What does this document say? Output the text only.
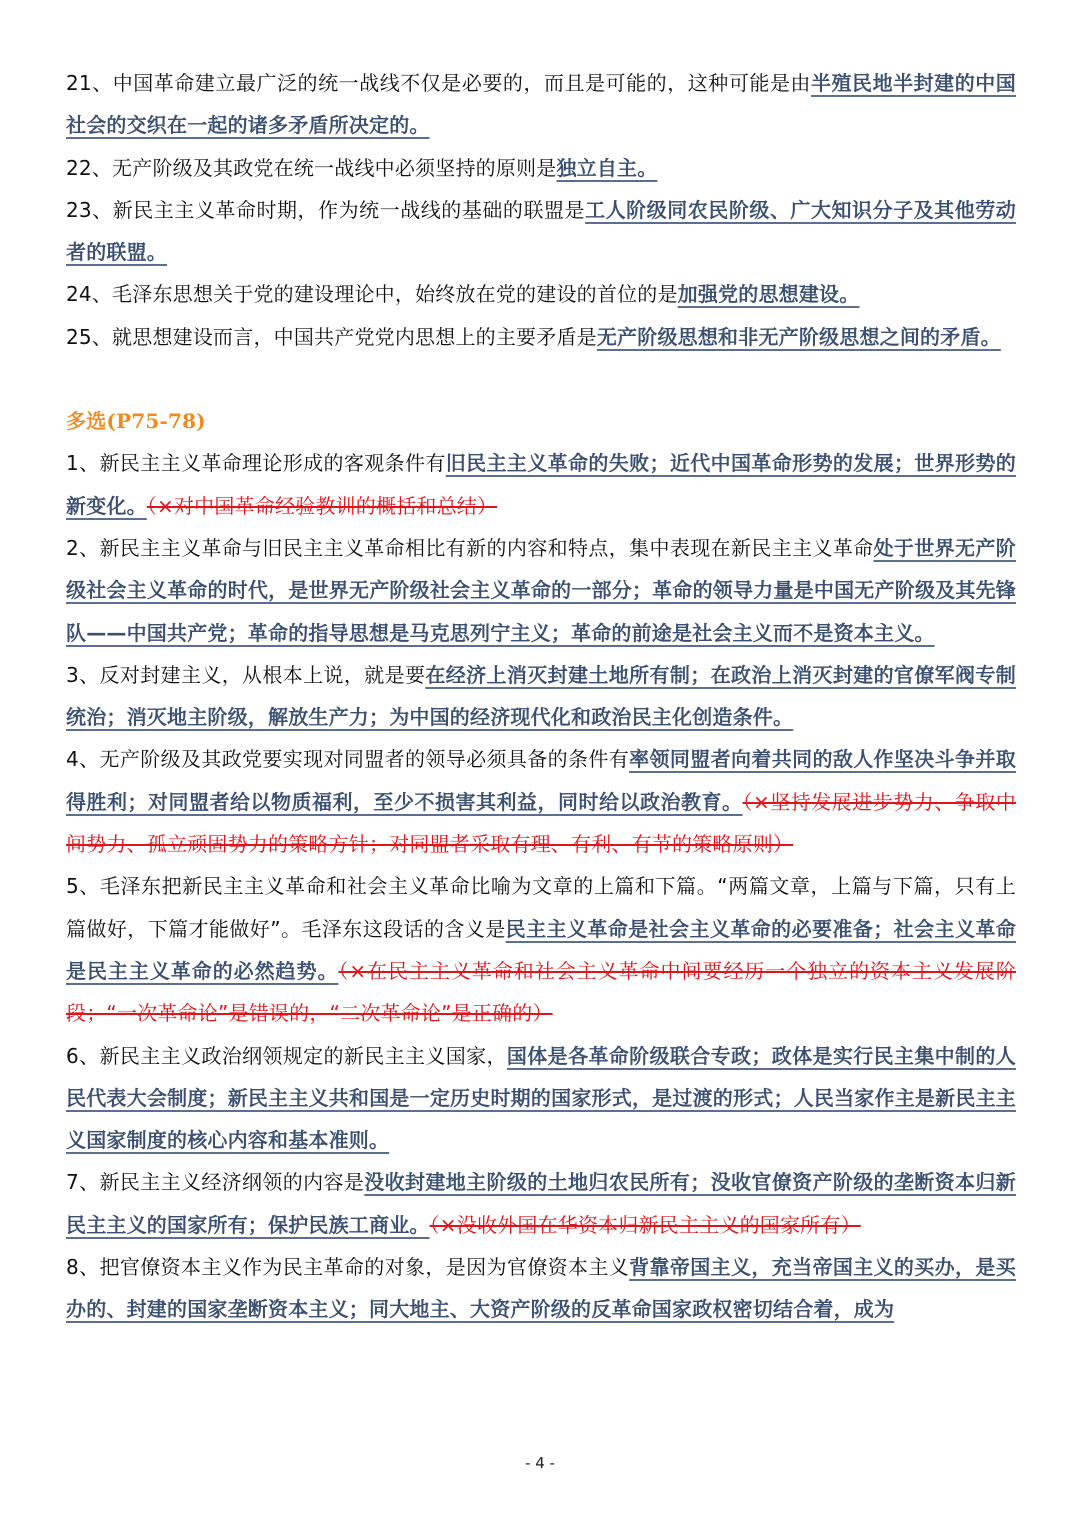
21、中国革命建立最广泛的统一战线不仅是必要的，而且是可能的，这种可能是由半殖民地半封建的中国社会的交织在一起的诸多矛盾所决定的。

22、无产阶级及其政党在统一战线中必须坚持的原则是独立自主。

23、新民主主义革命时期，作为统一战线的基础的联盟是工人阶级同农民阶级、广大知识分子及其他劳动者的联盟。

24、毛泽东思想关于党的建设理论中，始终放在党的建设的首位的是加强党的思想建设。

25、就思想建设而言，中国共产党党内思想上的主要矛盾是无产阶级思想和非无产阶级思想之间的矛盾。

多选(P75-78)

1、新民主主义革命理论形成的客观条件有旧民主主义革命的失败；近代中国革命形势的发展；世界形势的新变化。（×对中国革命经验教训的概括和总结）

2、新民主主义革命与旧民主主义革命相比有新的内容和特点，集中表现在新民主主义革命处于世界无产阶级社会主义革命的时代，是世界无产阶级社会主义革命的一部分；革命的领导力量是中国无产阶级及其先锋队——中国共产党；革命的指导思想是马克思列宁主义；革命的前途是社会主义而不是资本主义。

3、反对封建主义，从根本上说，就是要在经济上消灭封建土地所有制；在政治上消灭封建的官僚军阀专制统治；消灭地主阶级，解放生产力；为中国的经济现代化和政治民主化创造条件。

4、无产阶级及其政党要实现对同盟者的领导必须具备的条件有率领同盟者向着共同的敌人作坚决斗争并取得胜利；对同盟者给以物质福利，至少不损害其利益，同时给以政治教育。（×坚持发展进步势力、争取中间势力、孤立顽固势力的策略方针；对同盟者采取有理、有利、有节的策略原则）

5、毛泽东把新民主主义革命和社会主义革命比喻为文章的上篇和下篇。“两篇文章，上篇与下篇，只有上篇做好，下篇才能做好”。毛泽东这段话的含义是民主主义革命是社会主义革命的必要准备；社会主义革命是民主主义革命的必然趋势。（×在民主主义革命和社会主义革命中间要经历一个独立的资本主义发展阶段；“一次革命论”是错误的，“二次革命论”是正确的）

6、新民主主义政治纲领规定的新民主主义国家，国体是各革命阶级联合专政；政体是实行民主集中制的人民代表大会制度；新民主主义共和国是一定历史时期的国家形式，是过渡的形式；人民当家作主是新民主主义国家制度的核心内容和基本准则。

7、新民主主义经济纲领的内容是没收封建地主阶级的土地归农民所有；没收官僚资产阶级的垄断资本归新民主主义的国家所有；保护民族工商业。（×没收外国在华资本归新民主主义的国家所有）

8、把官僚资本主义作为民主革命的对象，是因为官僚资本主义背靠帝国主义，充当帝国主义的买办，是买办的、封建的国家垄断资本主义；同大地主、大资产阶级的反革命国家政权密切结合着，成为

- 4 -
